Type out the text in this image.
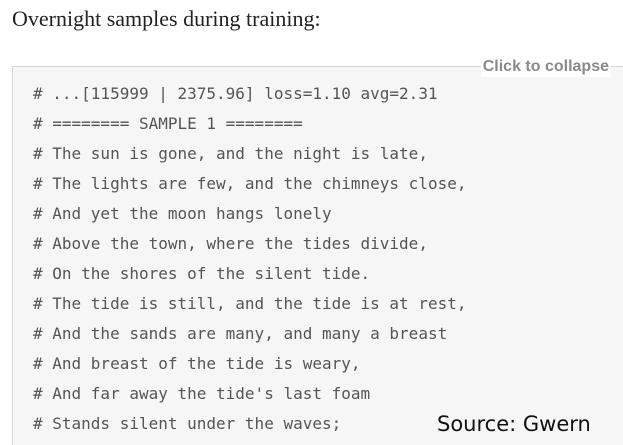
Overnight samples during training:
Click to collapse
# ...[115999 | 2375.96] loss=1.10 avg=2.31
# ======== SAMPLE 1 ========
# The sun is gone, and the night is late,
# The lights are few, and the chimneys close,
# And yet the moon hangs lonely
# Above the town, where the tides divide,
# On the shores of the silent tide.
# The tide is still, and the tide is at rest,
# And the sands are many, and many a breast
# And breast of the tide is weary,
# And far away the tide's last foam
# Stands silent under the waves;	Source: Gwern
